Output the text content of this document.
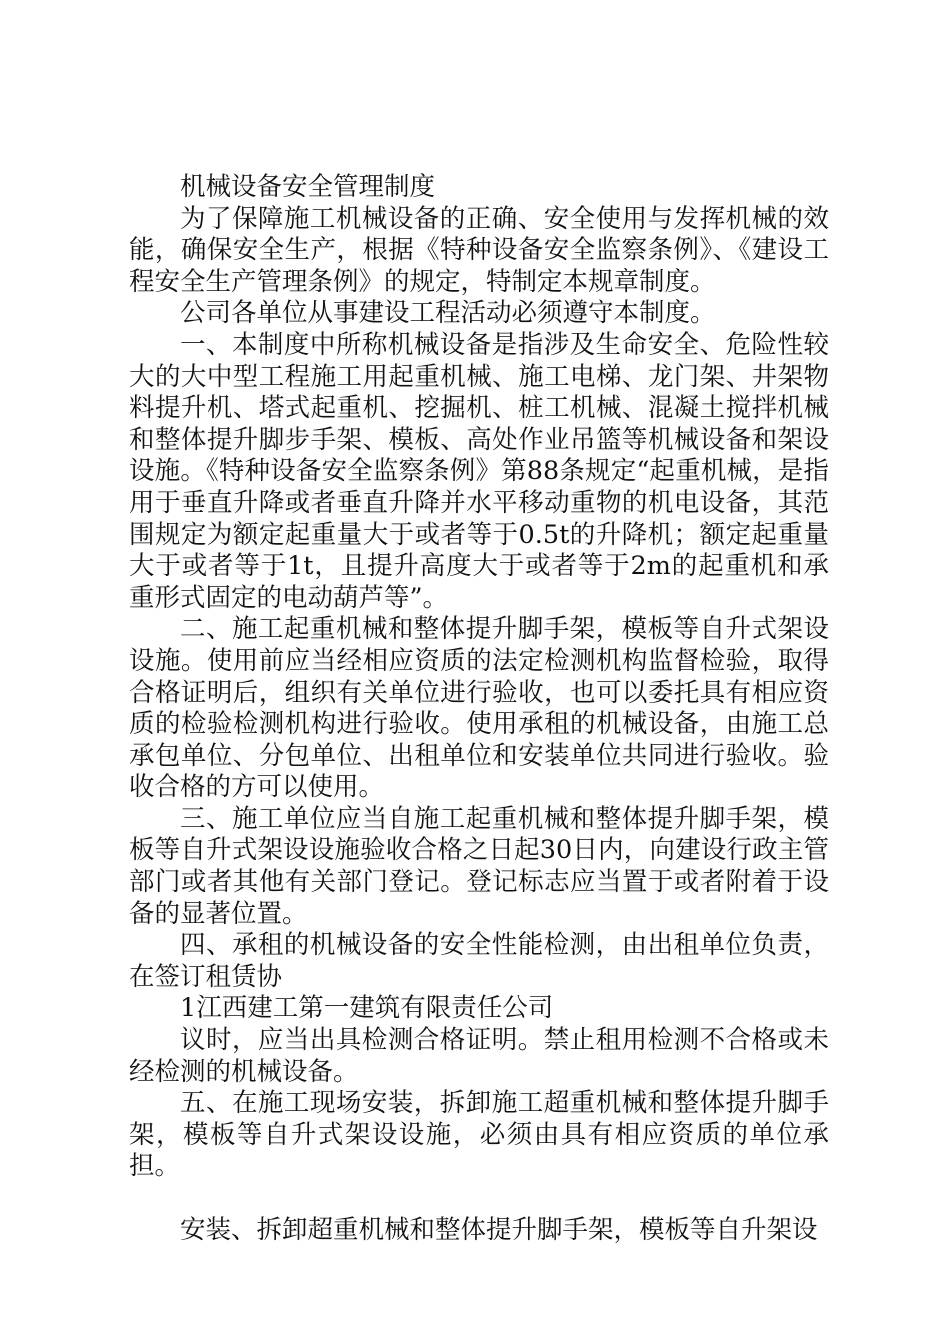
机械设备安全管理制度

为了保障施工机械设备的正确、安全使用与发挥机械的效能，确保安全生产，根据《特种设备安全监察条例》、《建设工程安全生产管理条例》的规定，特制定本规章制度。

公司各单位从事建设工程活动必须遵守本制度。

一、本制度中所称机械设备是指涉及生命安全、危险性较大的大中型工程施工用起重机械、施工电梯、龙门架、井架物料提升机、塔式起重机、挖掘机、桩工机械、混凝土搅拌机械和整体提升脚步手架、模板、高处作业吊篮等机械设备和架设设施。《特种设备安全监察条例》第88条规定“起重机械，是指用于垂直升降或者垂直升降并水平移动重物的机电设备，其范围规定为额定起重量大于或者等于0.5t的升降机；额定起重量大于或者等于1t，且提升高度大于或者等于2m的起重机和承重形式固定的电动葫芦等”。

二、施工起重机械和整体提升脚手架，模板等自升式架设设施。使用前应当经相应资质的法定检测机构监督检验，取得合格证明后，组织有关单位进行验收，也可以委托具有相应资质的检验检测机构进行验收。使用承租的机械设备，由施工总承包单位、分包单位、出租单位和安装单位共同进行验收。验收合格的方可以使用。

三、施工单位应当自施工起重机械和整体提升脚手架，模板等自升式架设设施验收合格之日起30日内，向建设行政主管部门或者其他有关部门登记。登记标志应当置于或者附着于设备的显著位置。

四、承租的机械设备的安全性能检测，由出租单位负责，在签订租赁协

1江西建工第一建筑有限责任公司

议时，应当出具检测合格证明。禁止租用检测不合格或未经检测的机械设备。

五、在施工现场安装，拆卸施工超重机械和整体提升脚手架，模板等自升式架设设施，必须由具有相应资质的单位承担。

安装、拆卸超重机械和整体提升脚手架，模板等自升架设
